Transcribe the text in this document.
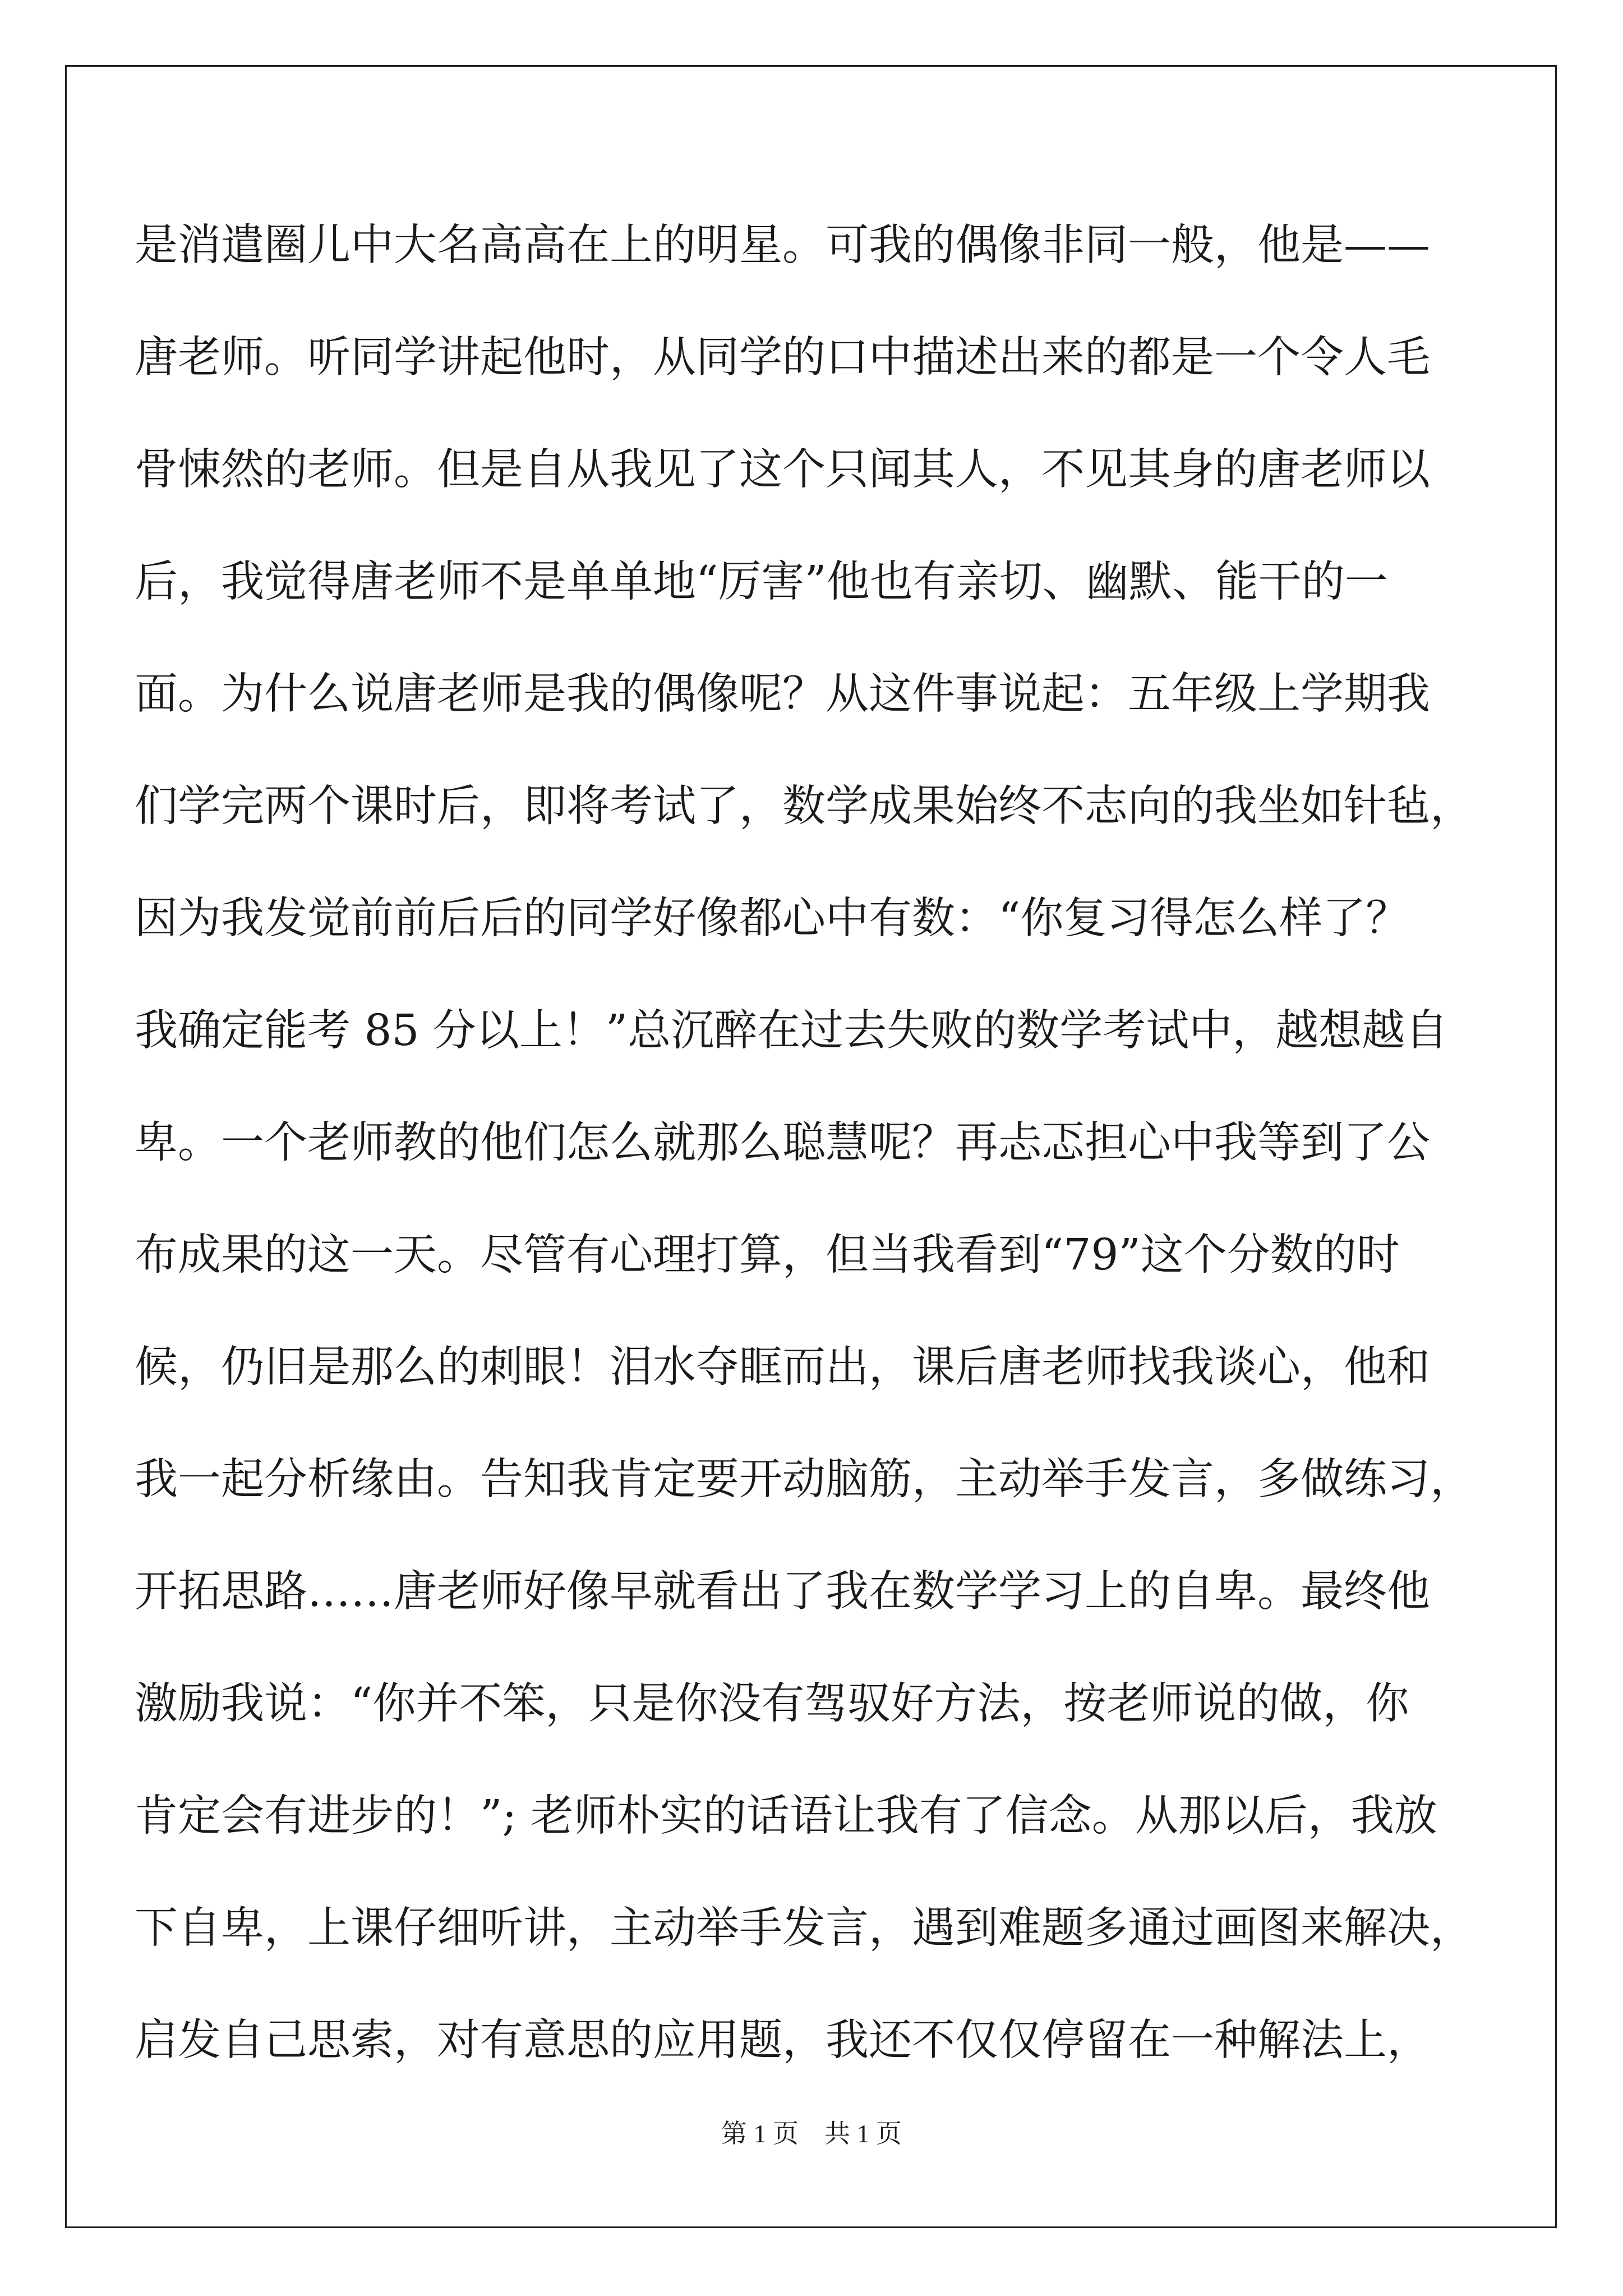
是消遣圈儿中大名高高在上的明星。可我的偶像非同一般，他是——
唐老师。听同学讲起他时，从同学的口中描述出来的都是一个令人毛
骨悚然的老师。但是自从我见了这个只闻其人，不见其身的唐老师以
后，我觉得唐老师不是单单地“厉害”他也有亲切、幽默、能干的一
面。为什么说唐老师是我的偶像呢？从这件事说起：五年级上学期我
们学完两个课时后，即将考试了，数学成果始终不志向的我坐如针毡，
因为我发觉前前后后的同学好像都心中有数：“你复习得怎么样了？
我确定能考 85 分以上！”总沉醉在过去失败的数学考试中，越想越自
卑。一个老师教的他们怎么就那么聪慧呢？再忐忑担心中我等到了公
布成果的这一天。尽管有心理打算，但当我看到“79”这个分数的时
候，仍旧是那么的刺眼！泪水夺眶而出，课后唐老师找我谈心，他和
我一起分析缘由。告知我肯定要开动脑筋，主动举手发言，多做练习，
开拓思路……唐老师好像早就看出了我在数学学习上的自卑。最终他
激励我说：“你并不笨，只是你没有驾驭好方法，按老师说的做，你
肯定会有进步的！”; 老师朴实的话语让我有了信念。从那以后，我放
下自卑，上课仔细听讲，主动举手发言，遇到难题多通过画图来解决，
启发自己思索，对有意思的应用题，我还不仅仅停留在一种解法上，
第 1 页　共 1 页
